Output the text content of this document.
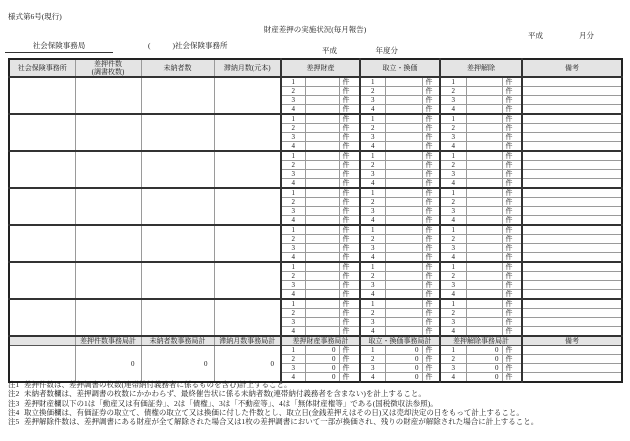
様式第6号(現行)
財産差押の実施状況(毎月報告)
平成	月分
社会保険事務局	(	)社会保険事務所
平成	年度分
社会保険事務所	差押件数
(調書枚数)	未納者数	滞納月数(元本)	差押財産			取立・換価			差押解除			備考
				1		件	1		件	1		件	
				2		件	2		件	2		件	
				3		件	3		件	3		件	
				4		件	4		件	4		件	
				1		件	1		件	1		件	
				2		件	2		件	2		件	
				3		件	3		件	3		件	
				4		件	4		件	4		件	
				1		件	1		件	1		件	
				2		件	2		件	2		件	
				3		件	3		件	3		件	
				4		件	4		件	4		件	
				1		件	1		件	1		件	
				2		件	2		件	2		件	
				3		件	3		件	3		件	
				4		件	4		件	4		件	
				1		件	1		件	1		件	
				2		件	2		件	2		件	
				3		件	3		件	3		件	
				4		件	4		件	4		件	
				1		件	1		件	1		件	
				2		件	2		件	2		件	
				3		件	3		件	3		件	
				4		件	4		件	4		件	
				1		件	1		件	1		件	
				2		件	2		件	2		件	
				3		件	3		件	3		件	
				4		件	4		件	4		件	
	差押件数事務局計	未納者数事務局計	滞納月数事務局計	差押財産事務局計			取立・換価事務局計			差押解除事務局計			備考
	0	0	0	1	0	件	1	0	件	1	0	件	
				2	0	件	2	0	件	2	0	件	
				3	0	件	3	0	件	3	0	件	
				4	0	件	4	0	件	4	0	件	
注1 差押件数は、差押調書の枚数(連帯納付義務者に係るものを含む)計上すること。
注2 未納者数欄は、差押調書の枚数にかかわらず、最終催告状に係る未納者数(連帯納付義務者を含まない)を計上すること。
注3 差押財産欄以下の1は「動産又は有価証券」、2は「債権」、3は「不動産等」、4は「無体財産権等」である(国税徴収法参照)。
注4 取立換価欄は、有価証券の取立て、債権の取立て又は換価に付した件数とし、取立日(金銭差押えはその日)又は売却決定の日をもって計上すること。
注5 差押解除件数は、差押調書にある財産が全て解除された場合又は1枚の差押調書において一部が換価され、残りの財産が解除された場合に計上すること。
